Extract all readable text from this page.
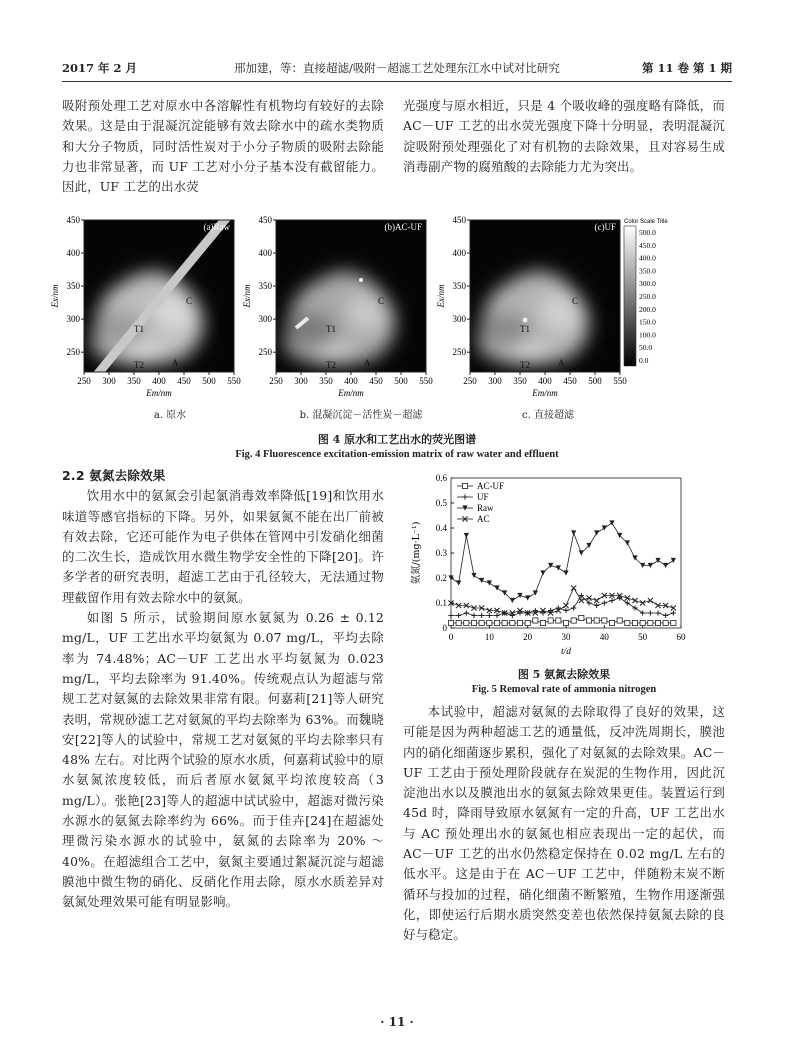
2017 年 2 月	邢加建，等：直接超滤/吸附－超滤工艺处理东江水中试对比研究	第 11 卷 第 1 期

吸附预处理工艺对原水中各溶解性有机物均有较好的去除效果。这是由于混凝沉淀能够有效去除水中的疏水类物质和大分子物质，同时活性炭对于小分子物质的吸附去除能力也非常显著，而 UF 工艺对小分子基本没有截留能力。因此，UF 工艺的出水荧

光强度与原水相近，只是 4 个吸收峰的强度略有降低，而 AC－UF 工艺的出水荧光强度下降十分明显，表明混凝沉淀吸附预处理强化了对有机物的去除效果，且对容易生成消毒副产物的腐殖酸的去除能力尤为突出。

(a)Raw
C
T1
A
T2
450
400
350
300
250
250 300 350 400 450 500 550
Em/nm
Ex/nm
(b)AC-UF
C
T1
A
T2
450
400
350
300
250
250 300 350 400 450 500 550
Em/nm
Ex/nm
(c)UF
C
T1
A
T2
450
400
350
300
250
250 300 350 400 450 500 550
Em/nm
Ex/nm
Color Scale Title
500.0
450.0
400.0
350.0
300.0
250.0
200.0
150.0
100.0
50.0
0.0
a. 原水	b. 混凝沉淀－活性炭－超滤	c. 直接超滤
图 4 原水和工艺出水的荧光图谱
Fig. 4 Fluorescence excitation-emission matrix of raw water and effluent

2.2 氨氮去除效果

饮用水中的氨氮会引起氯消毒效率降低[19]和饮用水味道等感官指标的下降。另外，如果氨氮不能在出厂前被有效去除，它还可能作为电子供体在管网中引发硝化细菌的二次生长，造成饮用水微生物学安全性的下降[20]。许多学者的研究表明，超滤工艺由于孔径较大，无法通过物理截留作用有效去除水中的氨氮。

如图 5 所示，试验期间原水氨氮为 0.26 ± 0.12 mg/L，UF 工艺出水平均氨氮为 0.07 mg/L，平均去除率为 74.48%；AC－UF 工艺出水平均氨氮为 0.023 mg/L，平均去除率为 91.40%。传统观点认为超滤与常规工艺对氨氮的去除效果非常有限。何嘉莉[21]等人研究表明，常规砂滤工艺对氨氮的平均去除率为 63%。而魏晓安[22]等人的试验中，常规工艺对氨氮的平均去除率只有 48% 左右。对比两个试验的原水水质，何嘉莉试验中的原水氨氮浓度较低，而后者原水氨氮平均浓度较高（3 mg/L）。张艳[23]等人的超滤中试试验中，超滤对微污染水源水的氨氮去除率约为 66%。而于佳卉[24]在超滤处理微污染水源水的试验中，氨氮的去除率为 20% ～ 40%。在超滤组合工艺中，氨氮主要通过絮凝沉淀与超滤膜池中微生物的硝化、反硝化作用去除，原水水质差异对氨氮处理效果可能有明显影响。

0
0.1
0.2
0.3
0.4
0.5
0.6
0	10	20	30	40	50	60
t/d
氨氮/(mg·L⁻¹)
AC-UF
UF
Raw
AC
图 5 氨氮去除效果
Fig. 5 Removal rate of ammonia nitrogen

本试验中，超滤对氨氮的去除取得了良好的效果，这可能是因为两种超滤工艺的通量低，反冲洗周期长，膜池内的硝化细菌逐步累积，强化了对氨氮的去除效果。AC－UF 工艺由于预处理阶段就存在炭泥的生物作用，因此沉淀池出水以及膜池出水的氨氮去除效果更佳。装置运行到 45d 时，降雨导致原水氨氮有一定的升高，UF 工艺出水与 AC 预处理出水的氨氮也相应表现出一定的起伏，而 AC－UF 工艺的出水仍然稳定保持在 0.02 mg/L 左右的低水平。这是由于在 AC－UF 工艺中，伴随粉末炭不断循环与投加的过程，硝化细菌不断繁殖，生物作用逐渐强化，即使运行后期水质突然变差也依然保持氨氮去除的良好与稳定。

· 11 ·
